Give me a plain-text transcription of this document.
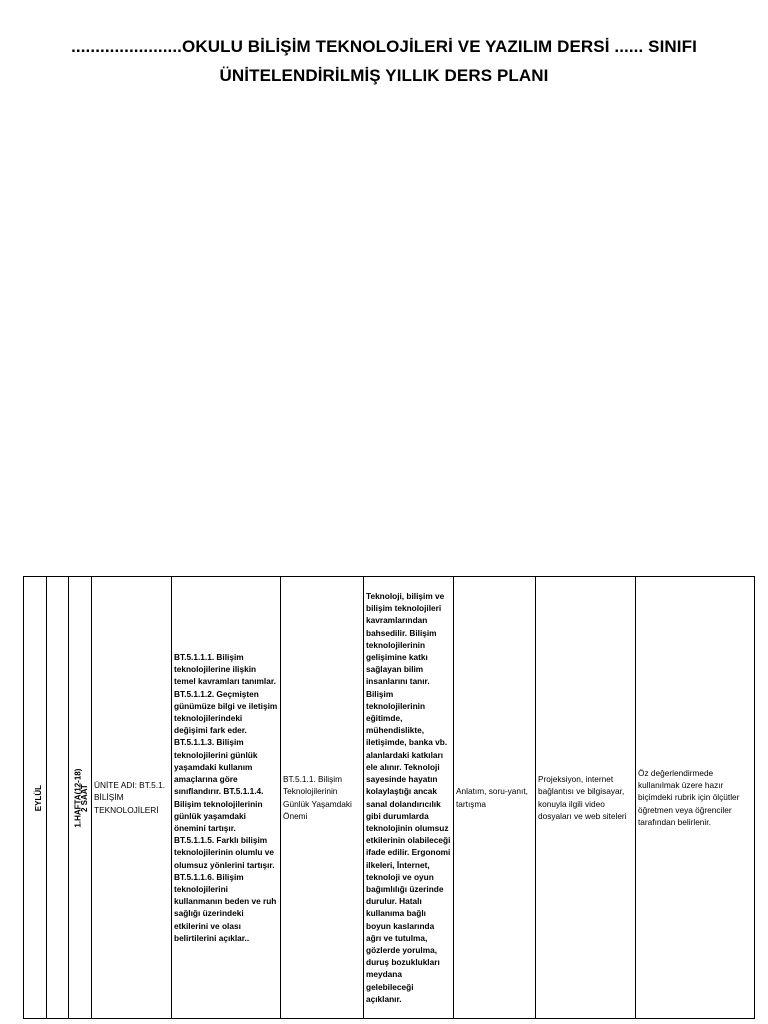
.......................OKULU BİLİŞİM TEKNOLOJİLERİ VE YAZILIM DERSİ ...... SINIFI
ÜNİTELENDİRİLMİŞ YILLIK DERS PLANI
EYLÜL	1.HAFTA(12-18)	2 SAAT	ÜNİTE ADI: BT.5.1. BİLİŞİM TEKNOLOJİLERİ	BT.5.1.1.1. Bilişim teknolojilerine ilişkin temel kavramları tanımlar. BT.5.1.1.2. Geçmişten günümüze bilgi ve iletişim teknolojilerindeki değişimi fark eder. BT.5.1.1.3. Bilişim teknolojilerini günlük yaşamdaki kullanım amaçlarına göre sınıflandırır. BT.5.1.1.4. Bilişim teknolojilerinin günlük yaşamdaki önemini tartışır. BT.5.1.1.5. Farklı bilişim teknolojilerinin olumlu ve olumsuz yönlerini tartışır. BT.5.1.1.6. Bilişim teknolojilerini kullanmanın beden ve ruh sağlığı üzerindeki etkilerini ve olası belirtilerini açıklar..	BT.5.1.1. Bilişim Teknolojilerinin Günlük Yaşamdaki Önemi	Teknoloji, bilişim ve bilişim teknolojileri kavramlarından bahsedilir. Bilişim teknolojilerinin gelişimine katkı sağlayan bilim insanlarını tanır. Bilişim teknolojilerinin eğitimde, mühendislikte, iletişimde, banka vb. alanlardaki katkıları ele alınır. Teknoloji sayesinde hayatın kolaylaştığı ancak sanal dolandırıcılık gibi durumlarda teknolojinin olumsuz etkilerinin olabileceği ifade edilir. Ergonomi ilkeleri, İnternet, teknoloji ve oyun bağımlılığı üzerinde durulur. Hatalı kullanıma bağlı boyun kaslarında ağrı ve tutulma, gözlerde yorulma, duruş bozuklukları meydana gelebileceği açıklanır.	Anlatım, soru-yanıt, tartışma	Projeksiyon, internet bağlantısı ve bilgisayar, konuyla ilgili video dosyaları ve web siteleri	Öz değerlendirmede kullanılmak üzere hazır biçimdeki rubrik için ölçütler öğretmen veya öğrenciler tarafından belirlenir.
